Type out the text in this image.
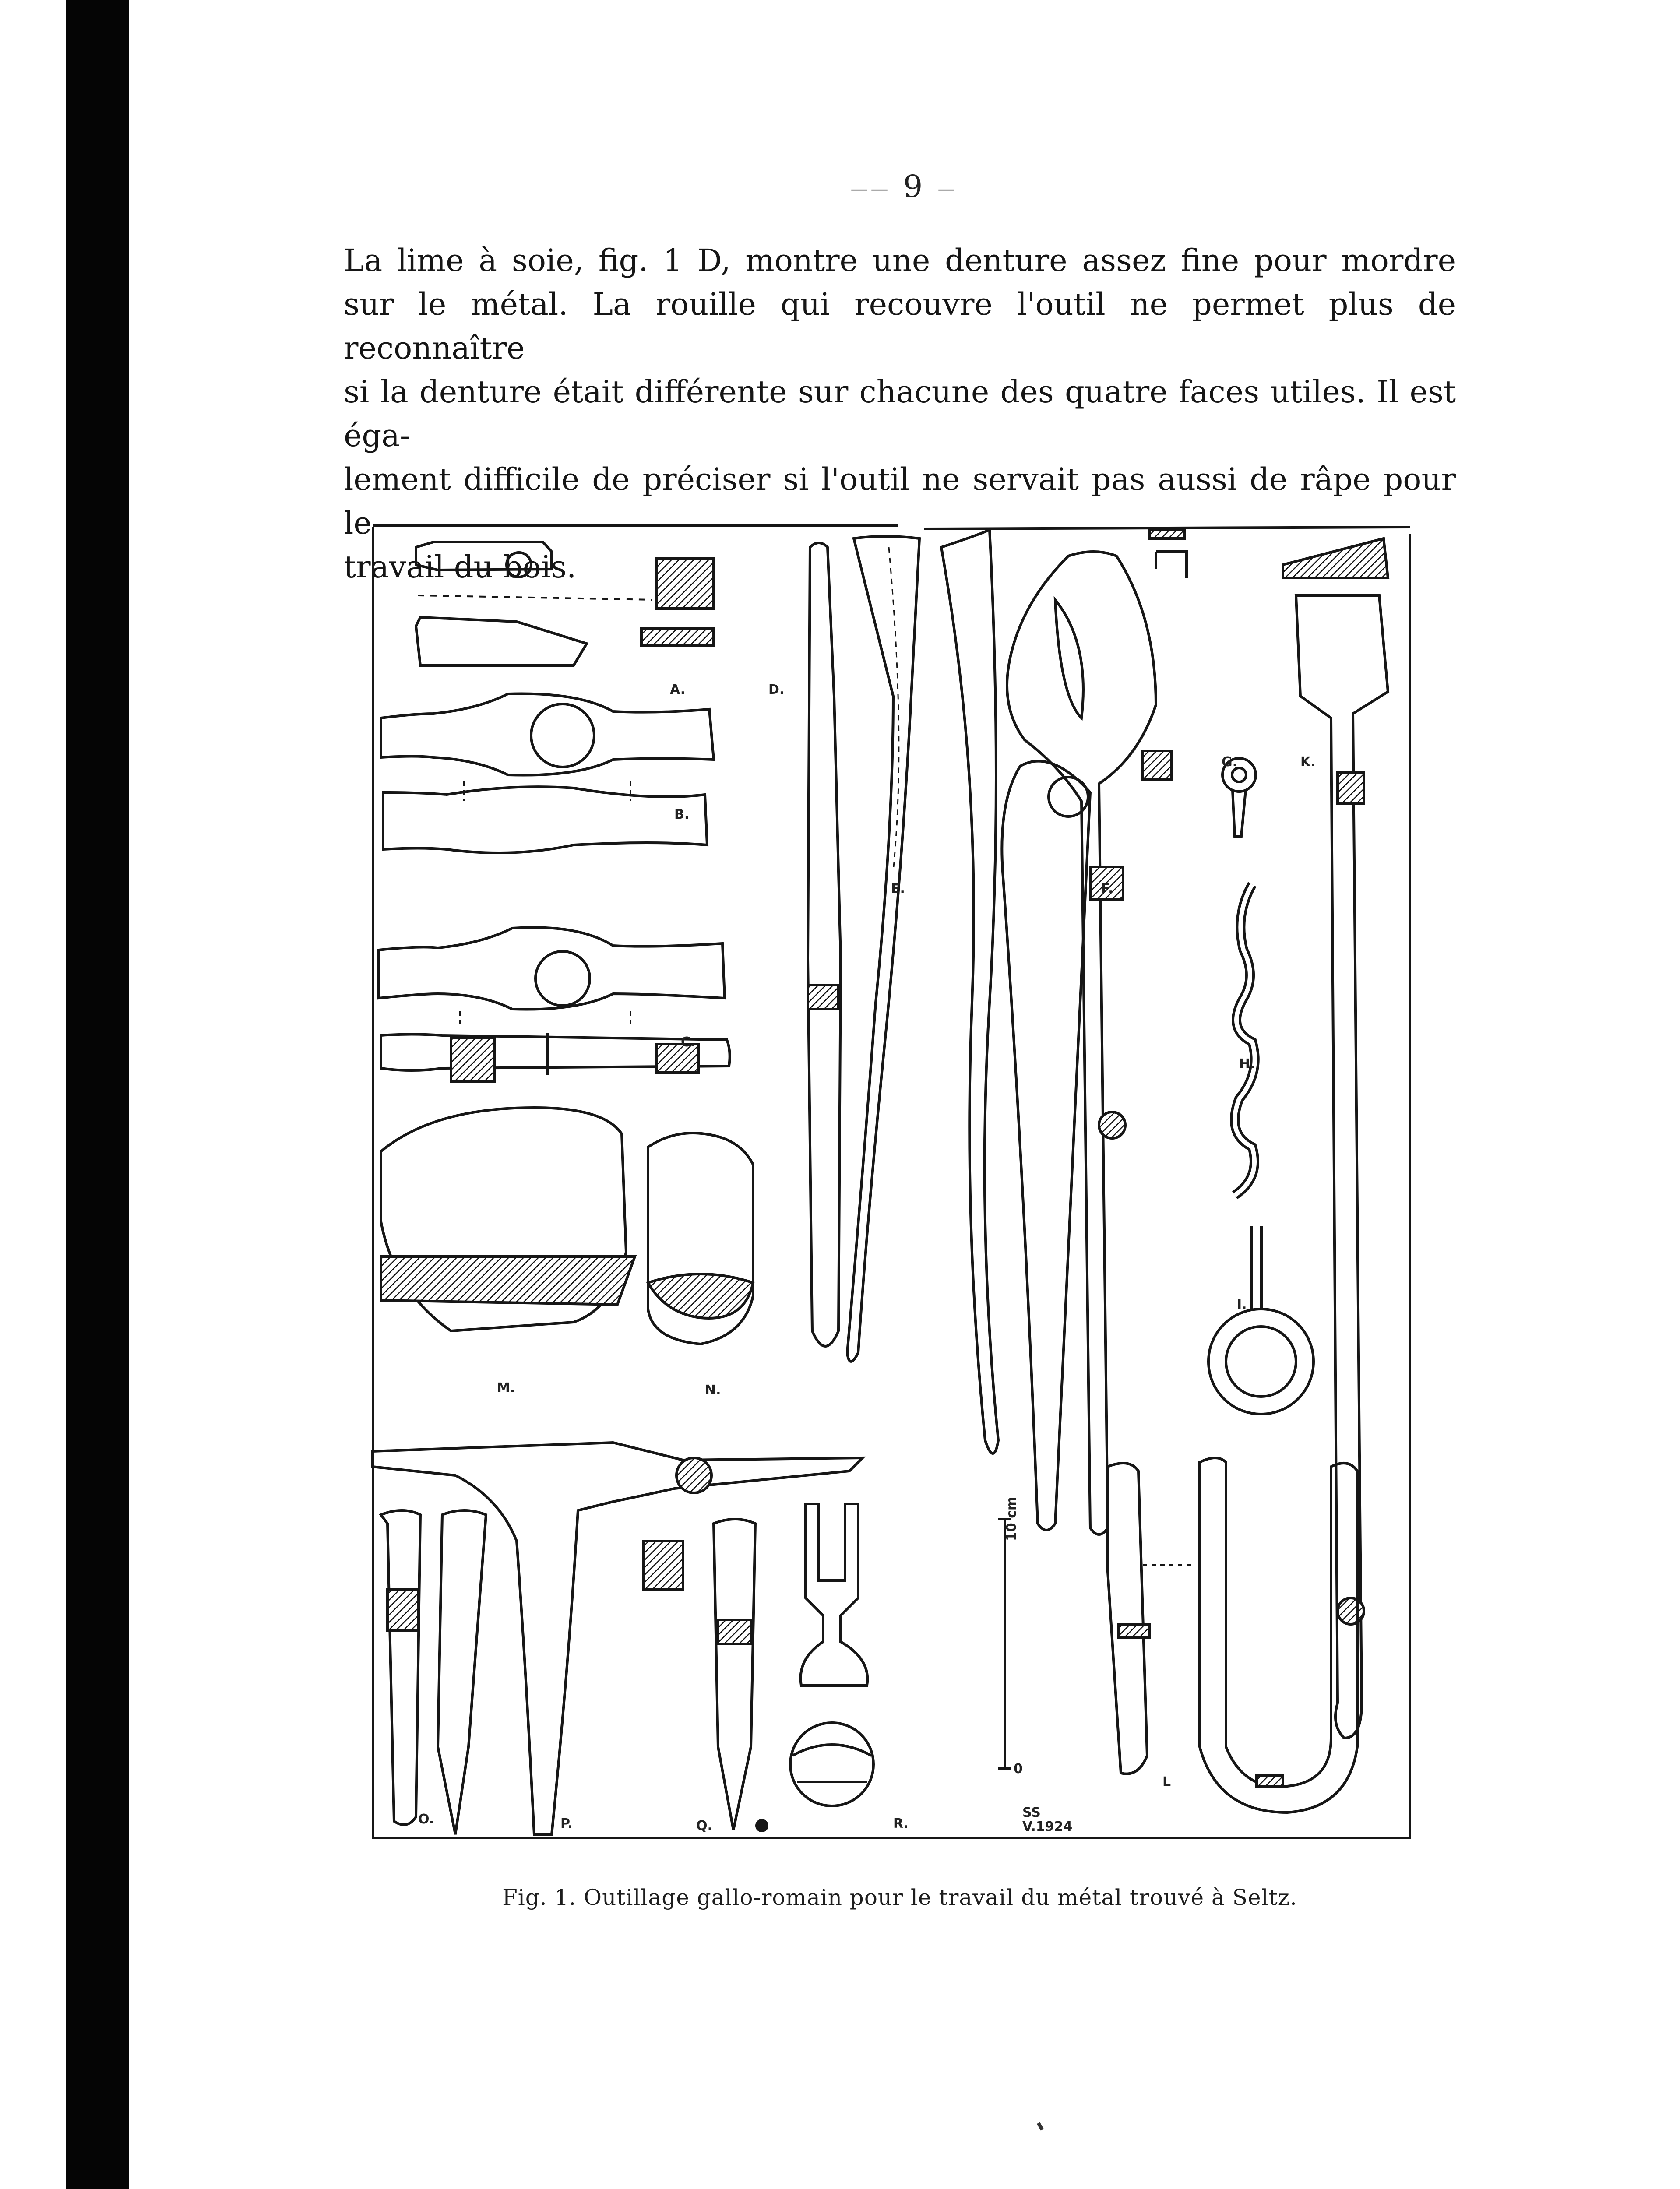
—— 9 —

La lime à soie, fig. 1 D, montre une denture assez fine pour mordre

sur le métal. La rouille qui recouvre l'outil ne permet plus de reconnaître

si la denture était différente sur chacune des quatre faces utiles. Il est éga-

lement difficile de préciser si l'outil ne servait pas aussi de râpe pour le

travail du bois.

A.	D.
B.
E.	F.
G.	K.
C.
H.
I.
M.	N.
L
O.	P.	Q.	R.
10 cm
0
SS
V.1924
Fig. 1. Outillage gallo-romain pour le travail du métal trouvé à Seltz.
